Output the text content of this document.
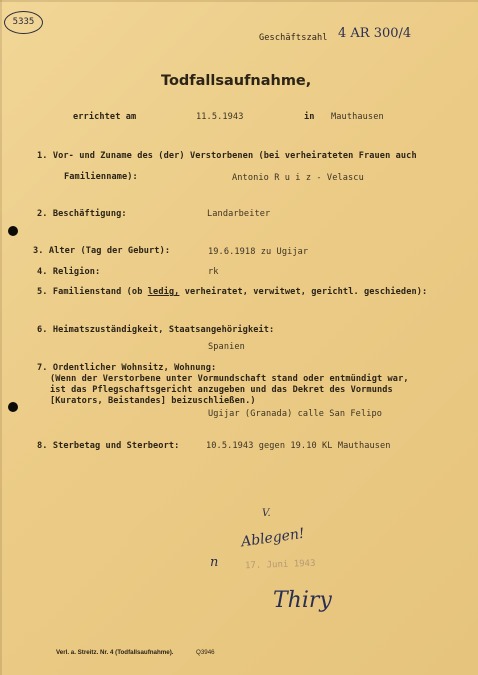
5335
Geschäftszahl 4 AR 300/4
Todfallsaufnahme,
errichtet am	11.5.1943	in Mauthausen
1. Vor- und Zuname des (der) Verstorbenen (bei verheirateten Frauen auch
Familienname):	Antonio R u i z - Velascu
2. Beschäftigung:	Landarbeiter
3. Alter (Tag der Geburt):	19.6.1918 zu Ugijar
4. Religion:	rk
5. Familienstand (ob ledig, verheiratet, verwitwet, gerichtl. geschieden):
6. Heimatszuständigkeit, Staatsangehörigkeit:
Spanien
7. Ordentlicher Wohnsitz, Wohnung:
(Wenn der Verstorbene unter Vormundschaft stand oder entmündigt war,
ist das Pflegschaftsgericht anzugeben und das Dekret des Vormunds
[Kurators, Beistandes] beizuschließen.)
Ugijar (Granada) calle San Felipo
8. Sterbetag und Sterbeort:	10.5.1943 gegen 19.10 KL Mauthausen
V.
Ablegen!
n	17. Juni 1943
Thiry
Verl. a. Streitz. Nr. 4 (Todfallsaufnahme).	Q3946
